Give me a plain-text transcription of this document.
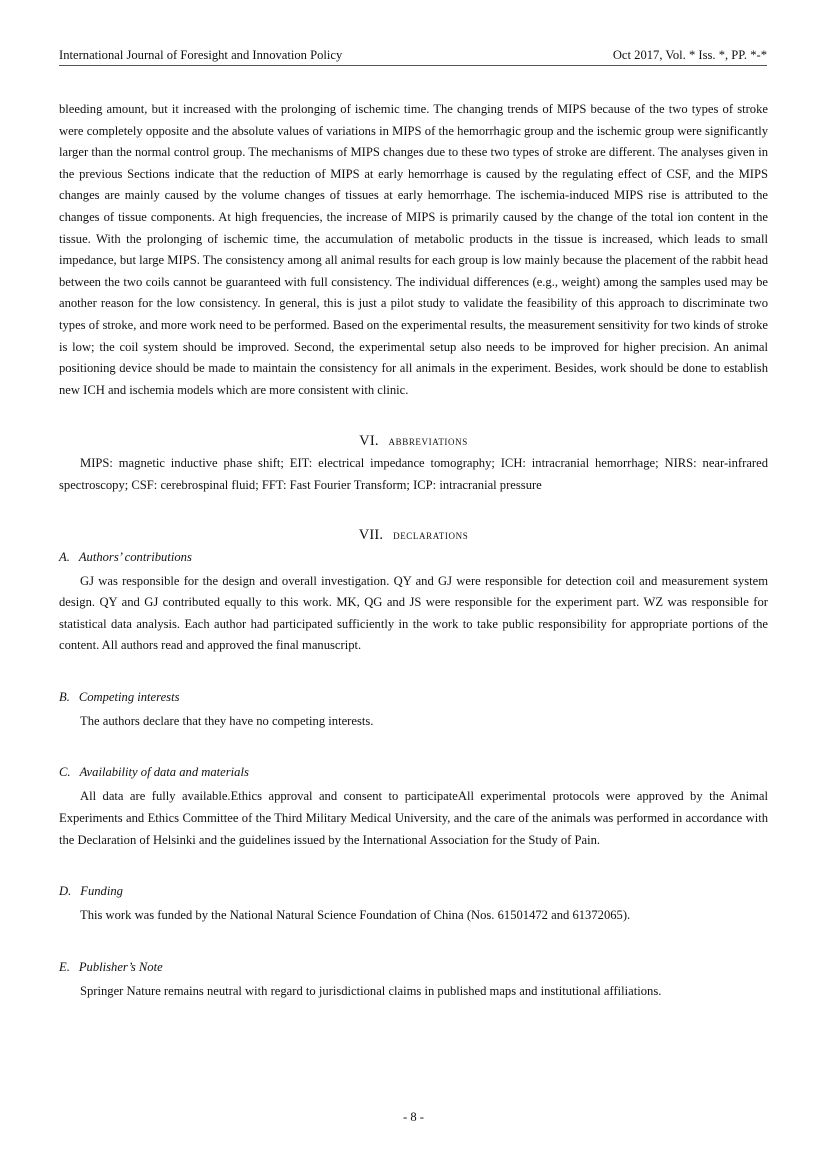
International Journal of Foresight and Innovation Policy	Oct 2017, Vol. * Iss. *, PP. *-*

bleeding amount, but it increased with the prolonging of ischemic time. The changing trends of MIPS because of the two types of stroke were completely opposite and the absolute values of variations in MIPS of the hemorrhagic group and the ischemic group were significantly larger than the normal control group. The mechanisms of MIPS changes due to these two types of stroke are different. The analyses given in the previous Sections indicate that the reduction of MIPS at early hemorrhage is caused by the regulating effect of CSF, and the MIPS changes are mainly caused by the volume changes of tissues at early hemorrhage. The ischemia-induced MIPS rise is attributed to the changes of tissue components. At high frequencies, the increase of MIPS is primarily caused by the change of the total ion content in the tissue. With the prolonging of ischemic time, the accumulation of metabolic products in the tissue is increased, which leads to small impedance, but large MIPS. The consistency among all animal results for each group is low mainly because the placement of the rabbit head between the two coils cannot be guaranteed with full consistency. The individual differences (e.g., weight) among the samples used may be another reason for the low consistency. In general, this is just a pilot study to validate the feasibility of this approach to discriminate two types of stroke, and more work need to be performed. Based on the experimental results, the measurement sensitivity for two kinds of stroke is low; the coil system should be improved. Second, the experimental setup also needs to be improved for higher precision. An animal positioning device should be made to maintain the consistency for all animals in the experiment. Besides, work should be done to establish new ICH and ischemia models which are more consistent with clinic.

VI. abbreviations

MIPS: magnetic inductive phase shift; EIT: electrical impedance tomography; ICH: intracranial hemorrhage; NIRS: near-infrared spectroscopy; CSF: cerebrospinal fluid; FFT: Fast Fourier Transform; ICP: intracranial pressure

VII. declarations
A. Authors’ contributions

GJ was responsible for the design and overall investigation. QY and GJ were responsible for detection coil and measurement system design. QY and GJ contributed equally to this work. MK, QG and JS were responsible for the experiment part. WZ was responsible for statistical data analysis. Each author had participated sufficiently in the work to take public responsibility for appropriate portions of the content. All authors read and approved the final manuscript.

B. Competing interests

The authors declare that they have no competing interests.

C. Availability of data and materials

All data are fully available.Ethics approval and consent to participateAll experimental protocols were approved by the Animal Experiments and Ethics Committee of the Third Military Medical University, and the care of the animals was performed in accordance with the Declaration of Helsinki and the guidelines issued by the International Association for the Study of Pain.

D. Funding

This work was funded by the National Natural Science Foundation of China (Nos. 61501472 and 61372065).

E. Publisher’s Note

Springer Nature remains neutral with regard to jurisdictional claims in published maps and institutional affiliations.

- 8 -
